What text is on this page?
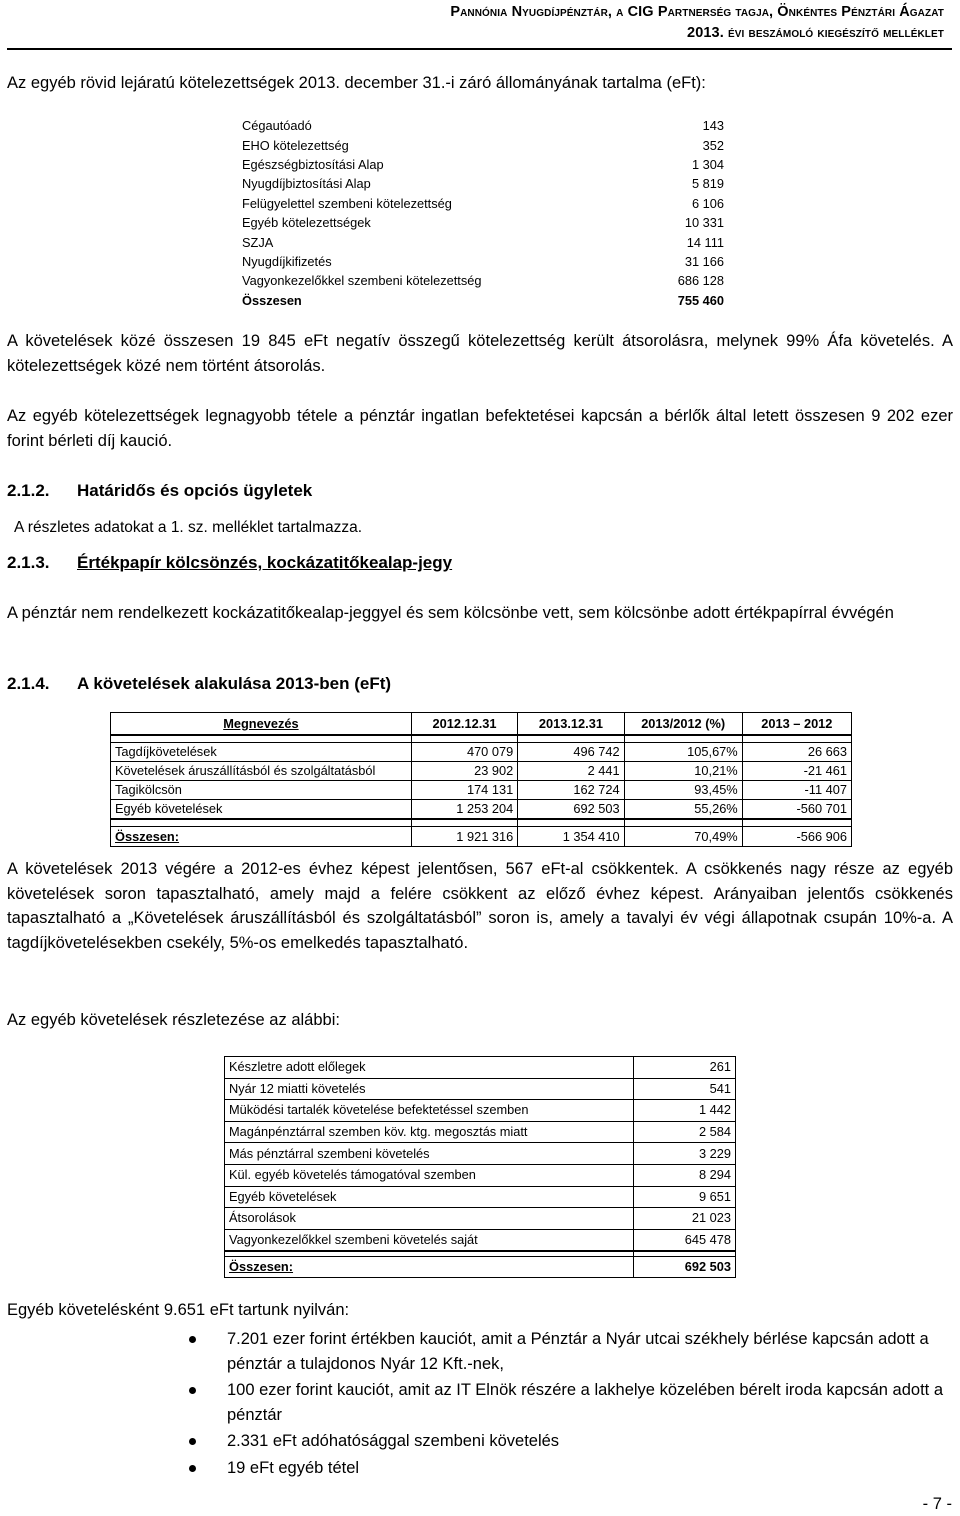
Pannónia Nyugdíjpénztár, a CIG Partnerség tagja, Önkéntes Pénztári Ágazat
2013. évi beszámoló kiegészítő melléklet
Az egyéb rövid lejáratú kötelezettségek 2013. december 31.-i záró állományának tartalma (eFt):
Cégautóadó	143
EHO kötelezettség	352
Egészségbiztosítási Alap	1 304
Nyugdíjbiztosítási Alap	5 819
Felügyelettel szembeni kötelezettség	6 106
Egyéb kötelezettségek	10 331
SZJA	14 111
Nyugdíjkifizetés	31 166
Vagyonkezelőkkel szembeni kötelezettség	686 128
Összesen	755 460
A követelések közé összesen 19 845 eFt negatív összegű kötelezettség került átsorolásra, melynek 99% Áfa követelés. A kötelezettségek közé nem történt átsorolás.
Az egyéb kötelezettségek legnagyobb tétele a pénztár ingatlan befektetései kapcsán a bérlők által letett összesen 9 202 ezer forint bérleti díj kaució.
2.1.2. Határidős és opciós ügyletek
A részletes adatokat a 1. sz. melléklet tartalmazza.
2.1.3. Értékpapír kölcsönzés, kockázatitőkealap-jegy
A pénztár nem rendelkezett kockázatitőkealap-jeggyel és sem kölcsönbe vett, sem kölcsönbe adott értékpapírral évvégén
2.1.4. A követelések alakulása 2013-ben (eFt)
Megnevezés	2012.12.31	2013.12.31	2013/2012 (%)	2013 – 2012

Tagdíjkövetelések	470 079	496 742	105,67%	26 663
Követelések áruszállításból és szolgáltatásból	23 902	2 441	10,21%	-21 461
Tagikölcsön	174 131	162 724	93,45%	-11 407
Egyéb követelések	1 253 204	692 503	55,26%	-560 701

Összesen:	1 921 316	1 354 410	70,49%	-566 906
A követelések 2013 végére a 2012-es évhez képest jelentősen, 567 eFt-al csökkentek. A csökkenés nagy része az egyéb követelések soron tapasztalható, amely majd a felére csökkent az előző évhez képest. Arányaiban jelentős csökkenés tapasztalható a „Követelések áruszállításból és szolgáltatásból” soron is, amely a tavalyi év végi állapotnak csupán 10%-a. A tagdíjkövetelésekben csekély, 5%-os emelkedés tapasztalható.
Az egyéb követelések részletezése az alábbi:
Készletre adott előlegek	261
Nyár 12 miatti követelés	541
Müködési tartalék követelése befektetéssel szemben	1 442
Magánpénztárral szemben köv. ktg. megosztás miatt	2 584
Más pénztárral szembeni követelés	3 229
Kül. egyéb követelés támogatóval szemben	8 294
Egyéb követelések	9 651
Átsorolások	21 023
Vagyonkezelőkkel szembeni követelés saját	645 478

Összesen:	692 503
Egyéb követelésként 9.651 eFt tartunk nyilván:
7.201 ezer forint értékben kauciót, amit a Pénztár a Nyár utcai székhely bérlése kapcsán adott a pénztár a tulajdonos Nyár 12 Kft.-nek,
100 ezer forint kauciót, amit az IT Elnök részére a lakhelye közelében bérelt iroda kapcsán adott a pénztár
2.331 eFt adóhatósággal szembeni követelés
19 eFt egyéb tétel
- 7 -
